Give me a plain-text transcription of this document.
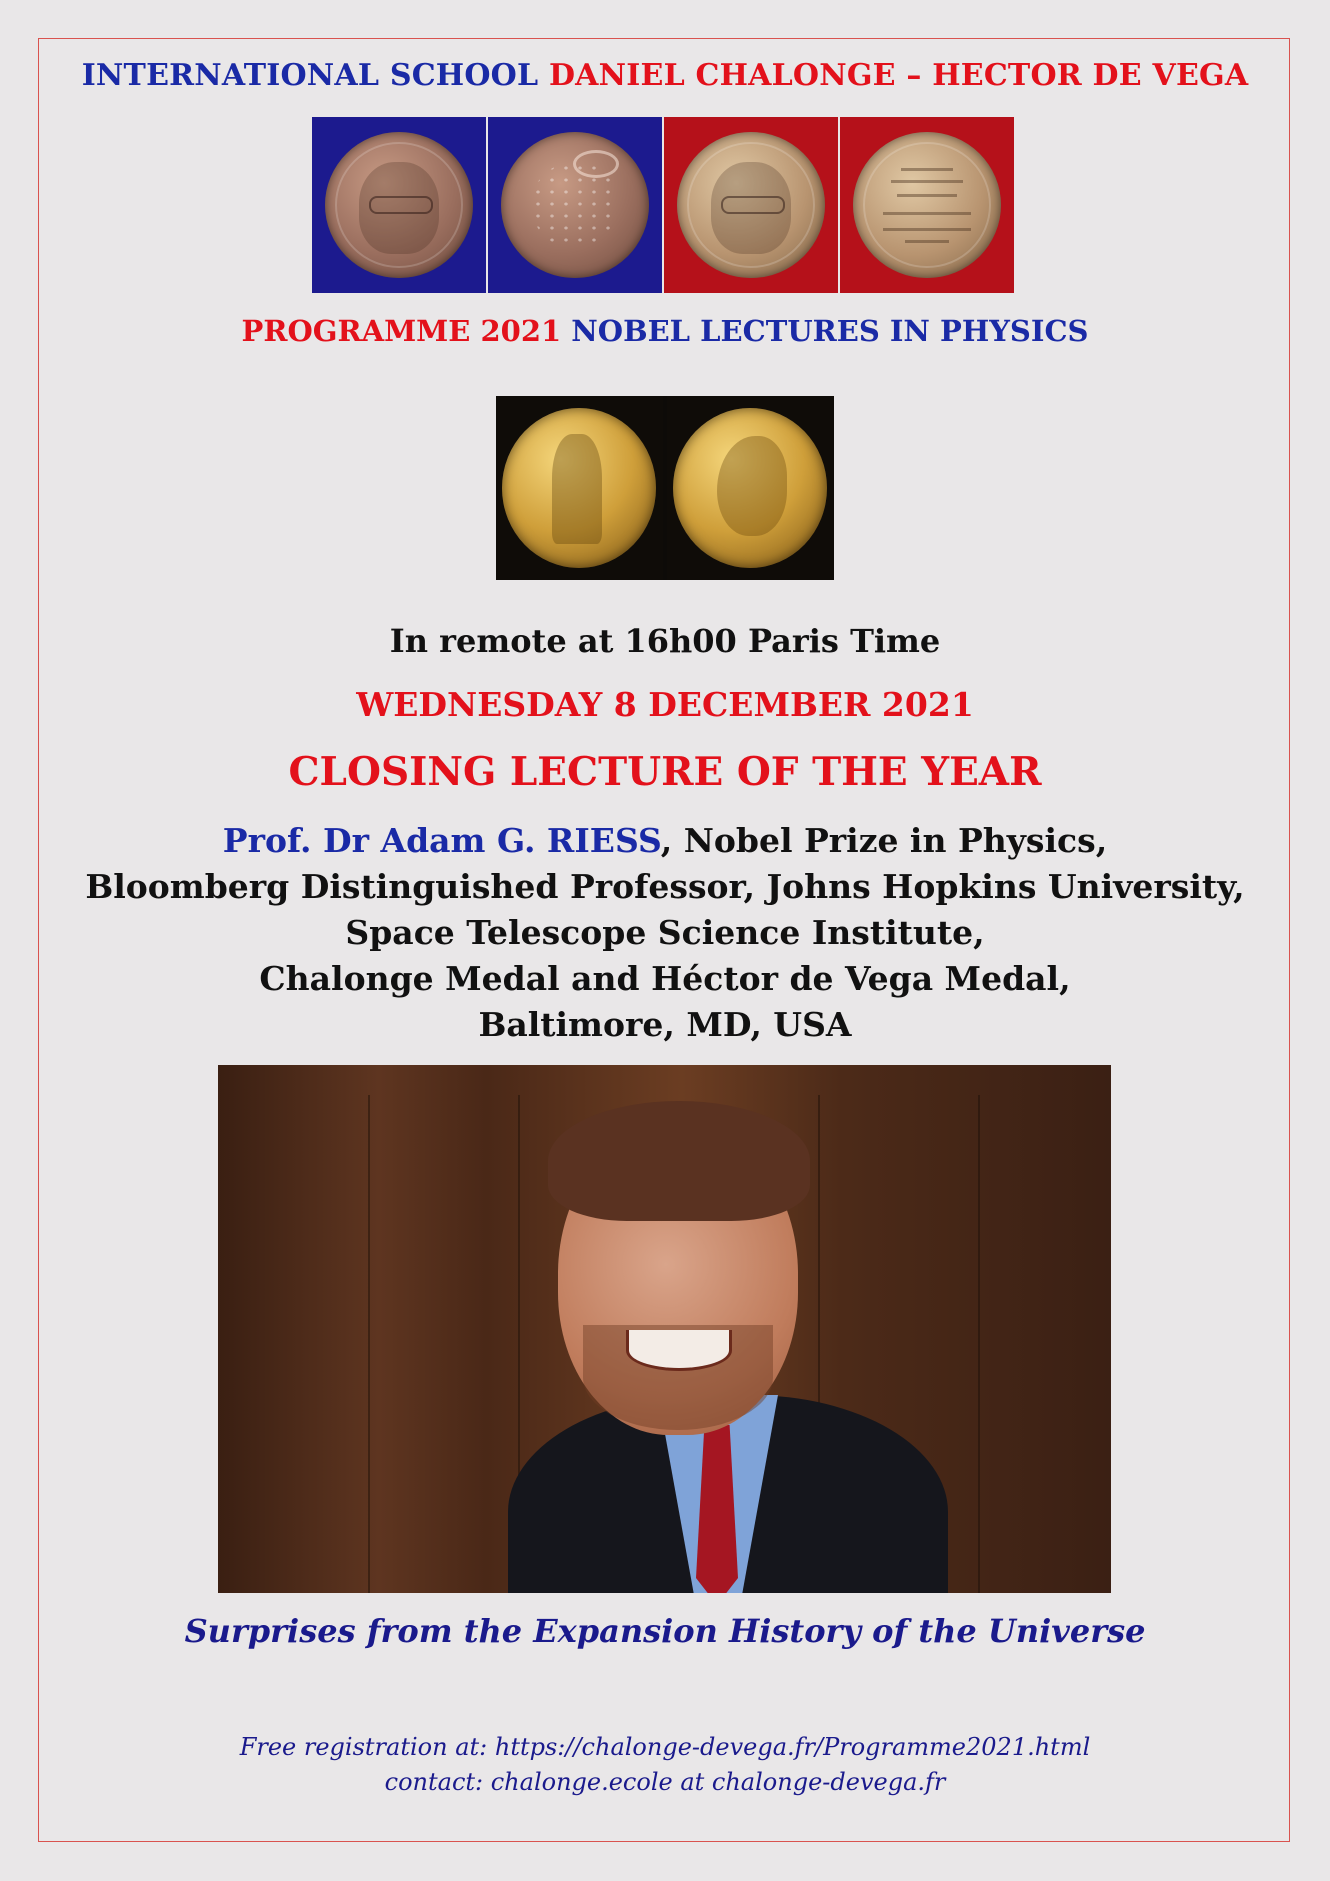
INTERNATIONAL SCHOOL DANIEL CHALONGE – HECTOR DE VEGA
PROGRAMME 2021 NOBEL LECTURES IN PHYSICS
In remote at 16h00 Paris Time
WEDNESDAY 8 DECEMBER 2021
CLOSING LECTURE OF THE YEAR
Prof. Dr Adam G. RIESS, Nobel Prize in Physics,
Bloomberg Distinguished Professor, Johns Hopkins University,
Space Telescope Science Institute,
Chalonge Medal and Héctor de Vega Medal,
Baltimore, MD, USA
Surprises from the Expansion History of the Universe
Free registration at: https://chalonge-devega.fr/Programme2021.html
contact: chalonge.ecole at chalonge-devega.fr
